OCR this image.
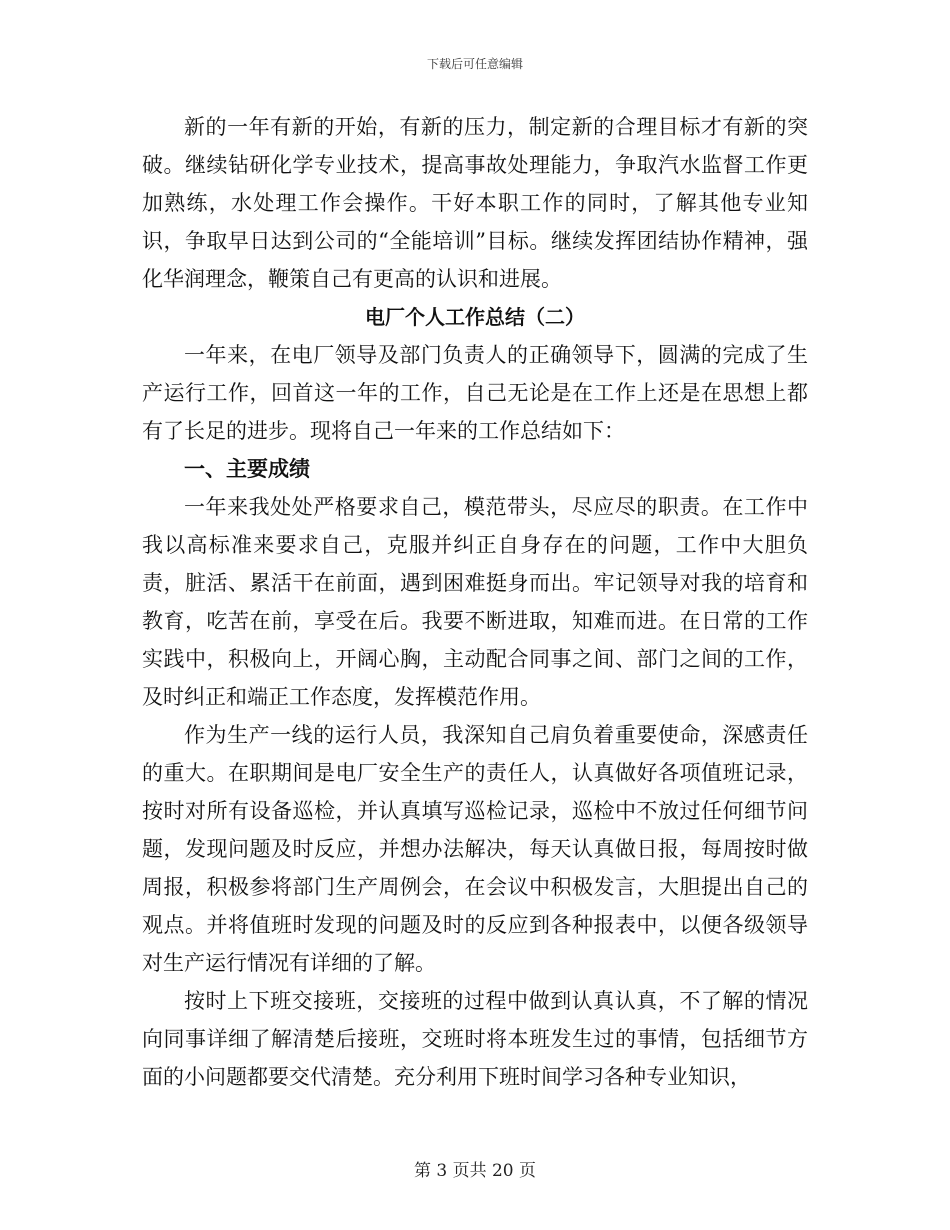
下载后可任意编辑

新的一年有新的开始，有新的压力，制定新的合理目标才有新的突破。继续钻研化学专业技术，提高事故处理能力，争取汽水监督工作更加熟练，水处理工作会操作。干好本职工作的同时，了解其他专业知识，争取早日达到公司的“全能培训”目标。继续发挥团结协作精神，强化华润理念，鞭策自己有更高的认识和进展。

电厂个人工作总结（二）

一年来，在电厂领导及部门负责人的正确领导下，圆满的完成了生产运行工作，回首这一年的工作，自己无论是在工作上还是在思想上都有了长足的进步。现将自己一年来的工作总结如下：

一、主要成绩

一年来我处处严格要求自己，模范带头，尽应尽的职责。在工作中我以高标准来要求自己，克服并纠正自身存在的问题，工作中大胆负责，脏活、累活干在前面，遇到困难挺身而出。牢记领导对我的培育和教育，吃苦在前，享受在后。我要不断进取，知难而进。在日常的工作实践中，积极向上，开阔心胸，主动配合同事之间、部门之间的工作，及时纠正和端正工作态度，发挥模范作用。

作为生产一线的运行人员，我深知自己肩负着重要使命，深感责任的重大。在职期间是电厂安全生产的责任人，认真做好各项值班记录，按时对所有设备巡检，并认真填写巡检记录，巡检中不放过任何细节问题，发现问题及时反应，并想办法解决，每天认真做日报，每周按时做周报，积极参将部门生产周例会，在会议中积极发言，大胆提出自己的观点。并将值班时发现的问题及时的反应到各种报表中，以便各级领导对生产运行情况有详细的了解。

按时上下班交接班，交接班的过程中做到认真认真，不了解的情况向同事详细了解清楚后接班，交班时将本班发生过的事情，包括细节方面的小问题都要交代清楚。充分利用下班时间学习各种专业知识，

第 3 页共 20 页
